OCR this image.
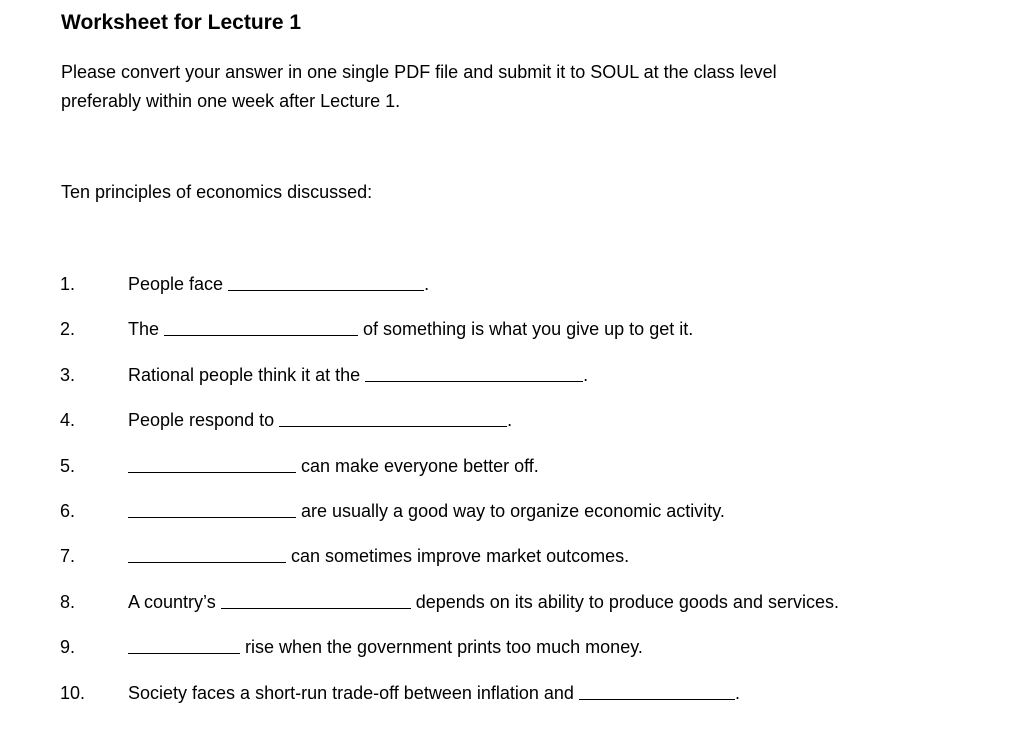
Worksheet for Lecture 1
Please convert your answer in one single PDF file and submit it to SOUL at the class level
preferably within one week after Lecture 1.
Ten principles of economics discussed:
1.	People face	.
2.	The	of something is what you give up to get it.
3.	Rational people think it at the	.
4.	People respond to	.
5.	can make everyone better off.
6.	are usually a good way to organize economic activity.
7.	can sometimes improve market outcomes.
8.	A country’s	depends on its ability to produce goods and services.
9.	rise when the government prints too much money.
10. Society faces a short-run trade-off between inflation and	.
